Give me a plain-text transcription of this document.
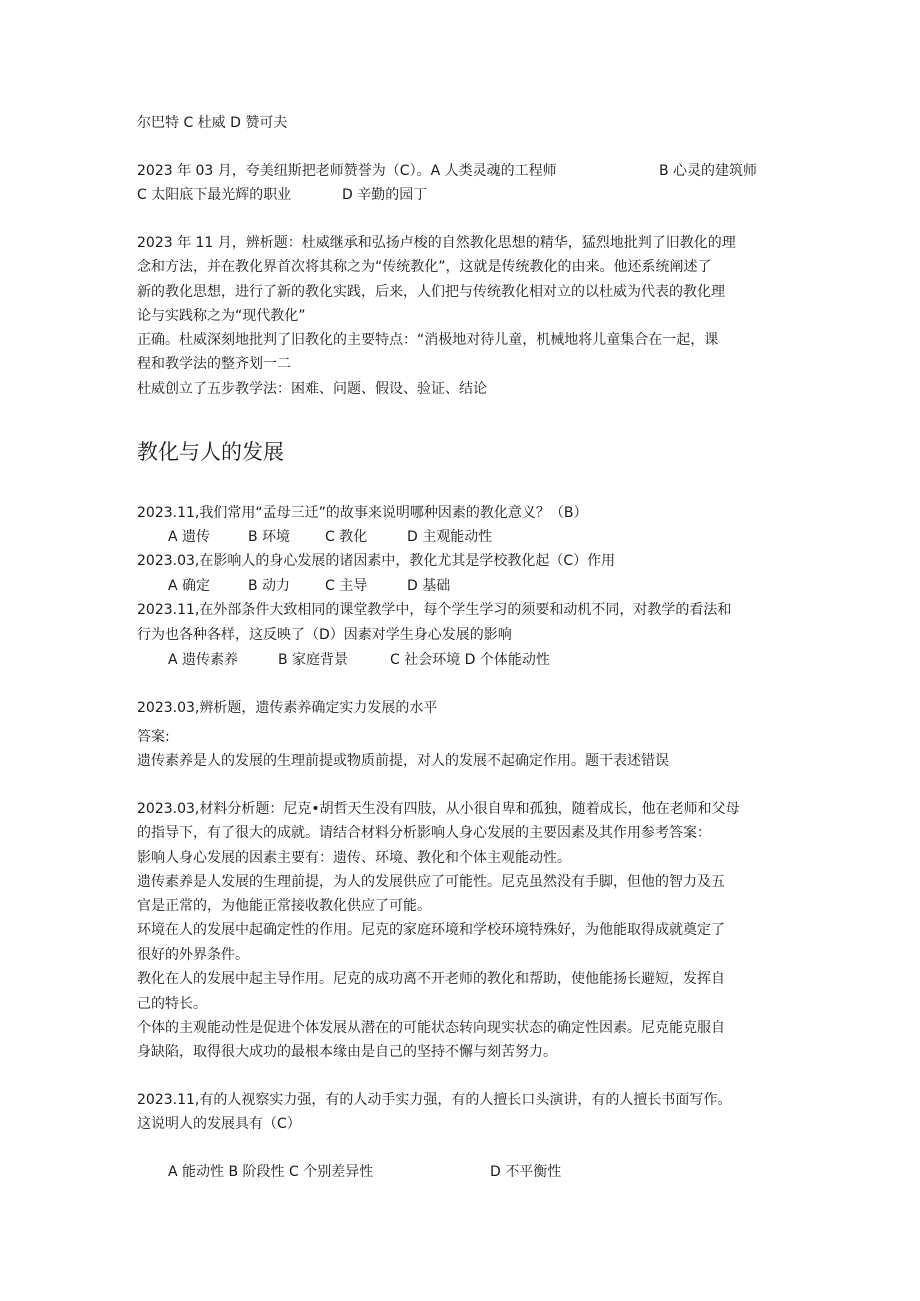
尔巴特 C 杜威 D 赞可夫
2023 年 03 月，夸美纽斯把老师赞誉为（C）。A 人类灵魂的工程师	B 心灵的建筑师
C 太阳底下最光辉的职业	D 辛勤的园丁
2023 年 11 月，辨析题：杜威继承和弘扬卢梭的自然教化思想的精华，猛烈地批判了旧教化的理
念和方法，并在教化界首次将其称之为“传统教化”，这就是传统教化的由来。他还系统阐述了
新的教化思想，进行了新的教化实践，后来，人们把与传统教化相对立的以杜威为代表的教化理
论与实践称之为“现代教化”
正确。杜威深刻地批判了旧教化的主要特点：“消极地对待儿童，机械地将儿童集合在一起，课
程和教学法的整齐划一二
杜威创立了五步教学法：困难、问题、假设、验证、结论
教化与人的发展
2023.11,我们常用“孟母三迁”的故事来说明哪种因素的教化意义？（B）
A 遗传	B 环境 C 教化	D 主观能动性
2023.03,在影响人的身心发展的诸因素中，教化尤其是学校教化起（C）作用
A 确定	B 动力 C 主导	D 基础
2023.11,在外部条件大致相同的课堂教学中，每个学生学习的须要和动机不同，对教学的看法和
行为也各种各样，这反映了（D）因素对学生身心发展的影响
A 遗传素养	B 家庭背景	C 社会环境 D 个体能动性
2023.03,辨析题，遗传素养确定实力发展的水平
答案:
遗传素养是人的发展的生理前提或物质前提，对人的发展不起确定作用。题干表述错误
2023.03,材料分析题：尼克•胡哲天生没有四肢，从小很自卑和孤独，随着成长，他在老师和父母
的指导下，有了很大的成就。请结合材料分析影响人身心发展的主要因素及其作用参考答案：
影响人身心发展的因素主要有：遗传、环境、教化和个体主观能动性。
遗传素养是人发展的生理前提，为人的发展供应了可能性。尼克虽然没有手脚，但他的智力及五
官是正常的，为他能正常接收教化供应了可能。
环境在人的发展中起确定性的作用。尼克的家庭环境和学校环境特殊好，为他能取得成就奠定了
很好的外界条件。
教化在人的发展中起主导作用。尼克的成功离不开老师的教化和帮助，使他能扬长避短，发挥自
己的特长。
个体的主观能动性是促进个体发展从潜在的可能状态转向现实状态的确定性因素。尼克能克服自
身缺陷，取得很大成功的最根本缘由是自己的坚持不懈与刻苦努力。
2023.11,有的人视察实力强，有的人动手实力强，有的人擅长口头演讲，有的人擅长书面写作。
这说明人的发展具有（C）
A 能动性 B 阶段性 C 个别差异性	D 不平衡性
